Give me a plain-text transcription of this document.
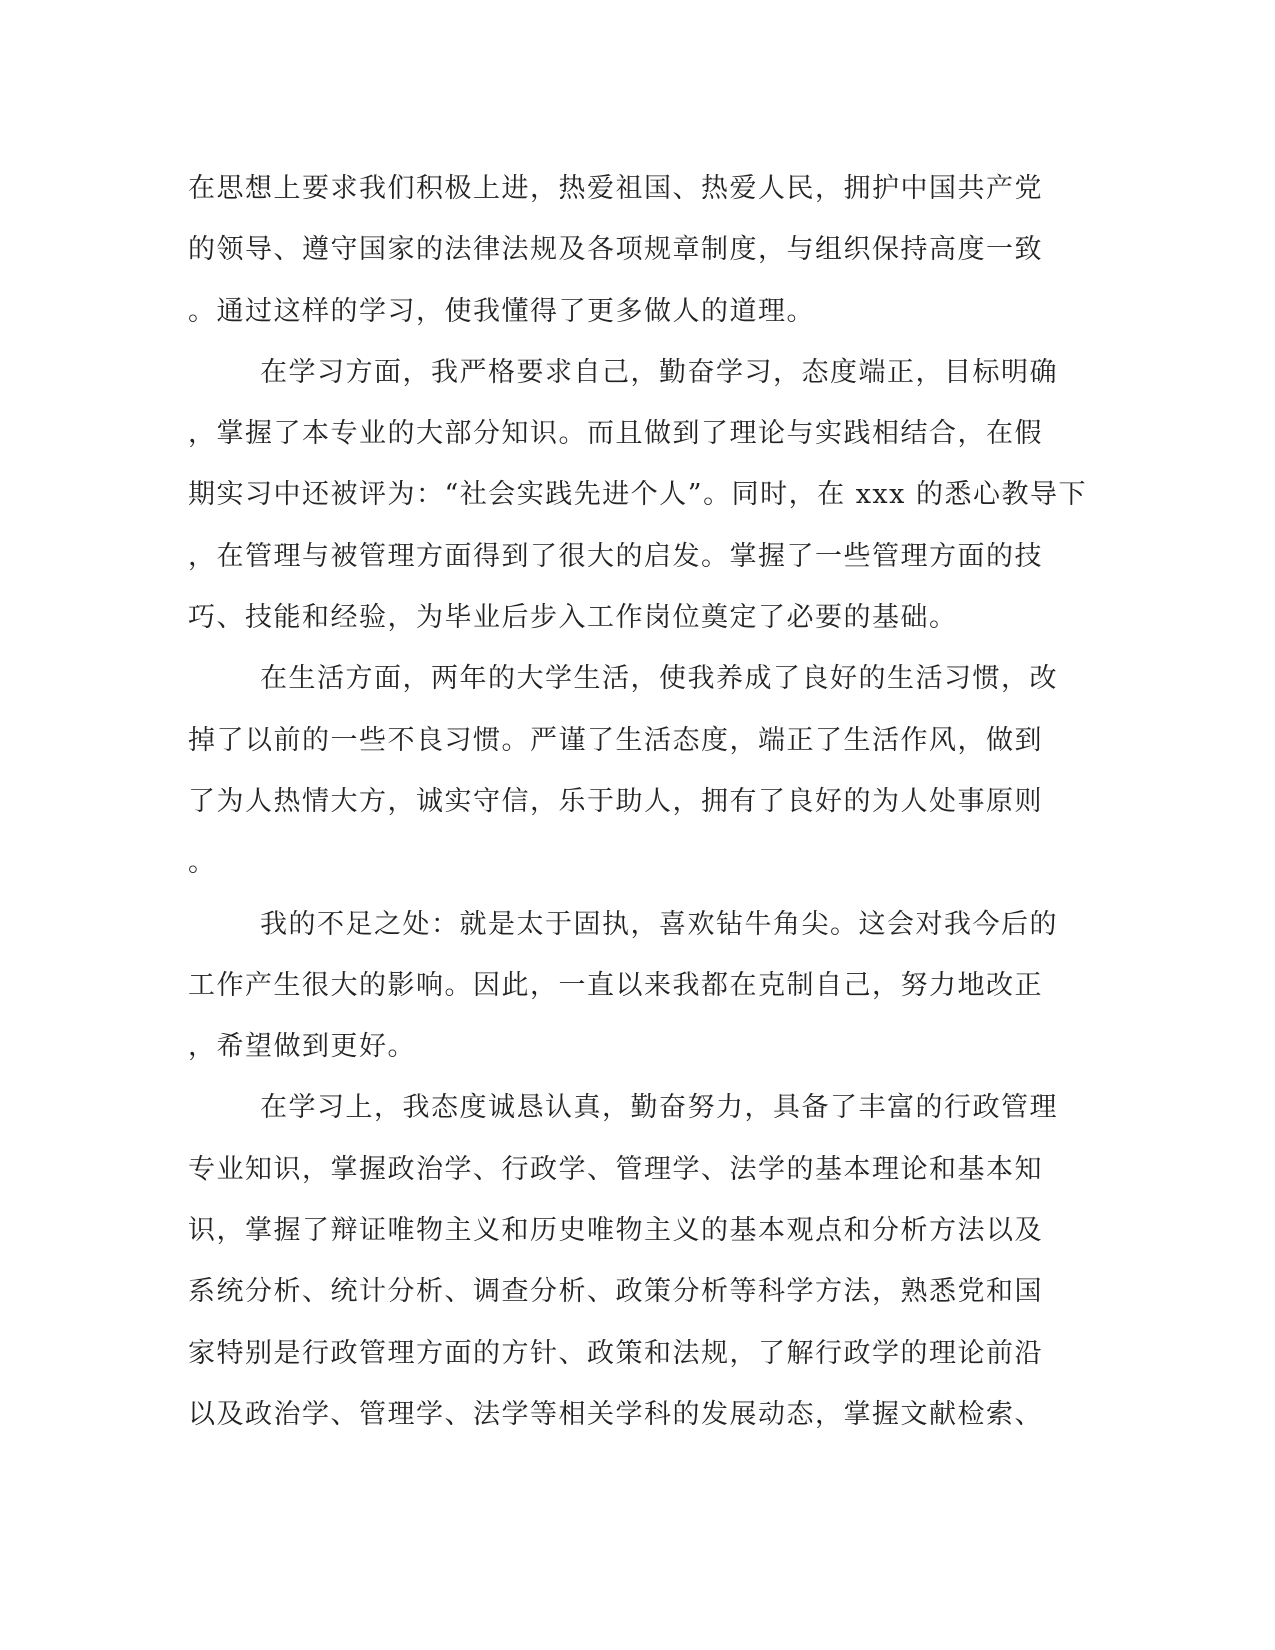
在思想上要求我们积极上进，热爱祖国、热爱人民，拥护中国共产党
的领导、遵守国家的法律法规及各项规章制度，与组织保持高度一致
。通过这样的学习，使我懂得了更多做人的道理。
在学习方面，我严格要求自己，勤奋学习，态度端正，目标明确
，掌握了本专业的大部分知识。而且做到了理论与实践相结合，在假
期实习中还被评为：“社会实践先进个人”。同时，在 xxx 的悉心教导下
，在管理与被管理方面得到了很大的启发。掌握了一些管理方面的技
巧、技能和经验，为毕业后步入工作岗位奠定了必要的基础。
在生活方面，两年的大学生活，使我养成了良好的生活习惯，改
掉了以前的一些不良习惯。严谨了生活态度，端正了生活作风，做到
了为人热情大方，诚实守信，乐于助人，拥有了良好的为人处事原则
。
我的不足之处：就是太于固执，喜欢钻牛角尖。这会对我今后的
工作产生很大的影响。因此，一直以来我都在克制自己，努力地改正
，希望做到更好。
在学习上，我态度诚恳认真，勤奋努力，具备了丰富的行政管理
专业知识，掌握政治学、行政学、管理学、法学的基本理论和基本知
识，掌握了辩证唯物主义和历史唯物主义的基本观点和分析方法以及
系统分析、统计分析、调查分析、政策分析等科学方法，熟悉党和国
家特别是行政管理方面的方针、政策和法规，了解行政学的理论前沿
以及政治学、管理学、法学等相关学科的发展动态，掌握文献检索、
